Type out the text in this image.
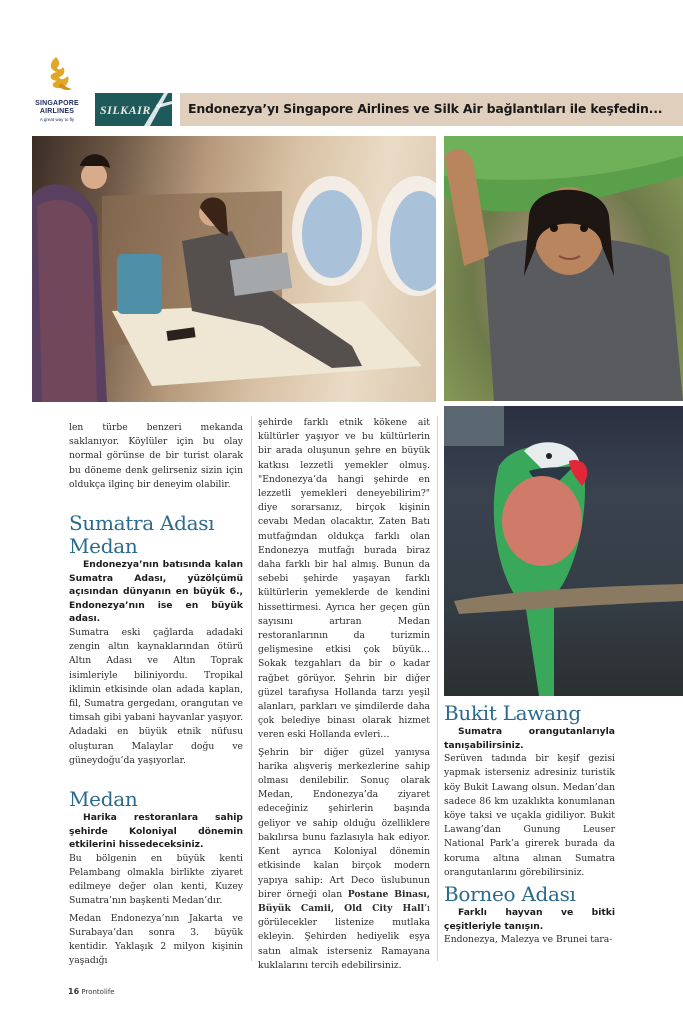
SINGAPORE
AIRLINES
A great way to fly
SILKAIR	Endonezya’yı Singapore Airlines ve Silk Air bağlantıları ile keşfedin...

len türbe benzeri mekanda saklanıyor. Köylüler için bu olay normal görünse de bir turist olarak bu döneme denk gelirseniz sizin için oldukça ilginç bir deneyim olabilir.

Sumatra Adası
Medan

Endonezya’nın batısında kalan Sumatra Adası, yüzölçümü açısından dünyanın en büyük 6., Endonezya’nın ise en büyük adası.

Sumatra eski çağlarda adadaki zengin altın kaynaklarından ötürü Altın Adası ve Altın Toprak isimleriyle biliniyordu. Tropikal iklimin etkisinde olan adada kaplan, fil, Sumatra gergedanı, orangutan ve timsah gibi yabani hayvanlar yaşıyor. Adadaki en büyük etnik nüfusu oluşturan Malaylar doğu ve güneydoğu’da yaşıyorlar.

Medan

Harika restoranlara sahip şehirde Koloniyal dönemin etkilerini hissedeceksiniz.

Bu bölgenin en büyük kenti Pelambang olmakla birlikte ziyaret edilmeye değer olan kenti, Kuzey Sumatra’nın başkenti Medan’dır.

Medan Endonezya’nın Jakarta ve Surabaya’dan sonra 3. büyük kentidir. Yaklaşık 2 milyon kişinin yaşadığı

şehirde farklı etnik kökene ait kültürler yaşıyor ve bu kültürlerin bir arada oluşunun şehre en büyük katkısı lezzetli yemekler olmuş. "Endonezya’da hangi şehirde en lezzetli yemekleri deneyebilirim?" diye sorarsanız, birçok kişinin cevabı Medan olacaktır. Zaten Batı mutfağından oldukça farklı olan Endonezya mutfağı burada biraz daha farklı bir hal almış. Bunun da sebebi şehirde yaşayan farklı kültürlerin yemeklerde de kendini hissettirmesi. Ayrıca her geçen gün sayısını artıran Medan restoranlarının da turizmin gelişmesine etkisi çok büyük… Sokak tezgahları da bir o kadar rağbet görüyor. Şehrin bir diğer güzel tarafıysa Hollanda tarzı yeşil alanları, parkları ve şimdilerde daha çok belediye binası olarak hizmet veren eski Hollanda evleri…

Şehrin bir diğer güzel yanıysa harika alışveriş merkezlerine sahip olması denilebilir. Sonuç olarak Medan, Endonezya’da ziyaret edeceğiniz şehirlerin başında geliyor ve sahip olduğu özelliklere bakılırsa bunu fazlasıyla hak ediyor. Kent ayrıca Koloniyal dönemin etkisinde kalan birçok modern yapıya sahip: Art Deco üslubunun birer örneği olan Postane Binası, Büyük Camii, Old City Hall’ı görülecekler listenize mutlaka ekleyin. Şehirden hediyelik eşya satın almak isterseniz Ramayana kuklalarını tercih edebilirsiniz.

Bukit Lawang

Sumatra orangutanlarıyla tanışabilirsiniz.

Serüven tadında bir keşif gezisi yapmak isterseniz adresiniz turistik köy Bukit Lawang olsun. Medan’dan sadece 86 km uzaklıkta konumlanan köye taksi ve uçakla gidiliyor. Bukit Lawang’dan Gunung Leuser National Park’a girerek burada da koruma altına alınan Sumatra orangutanlarını görebilirsiniz.

Borneo Adası

Farklı hayvan ve bitki çeşitleriyle tanışın.

Endonezya, Malezya ve Brunei tara-

16 Prontolife
